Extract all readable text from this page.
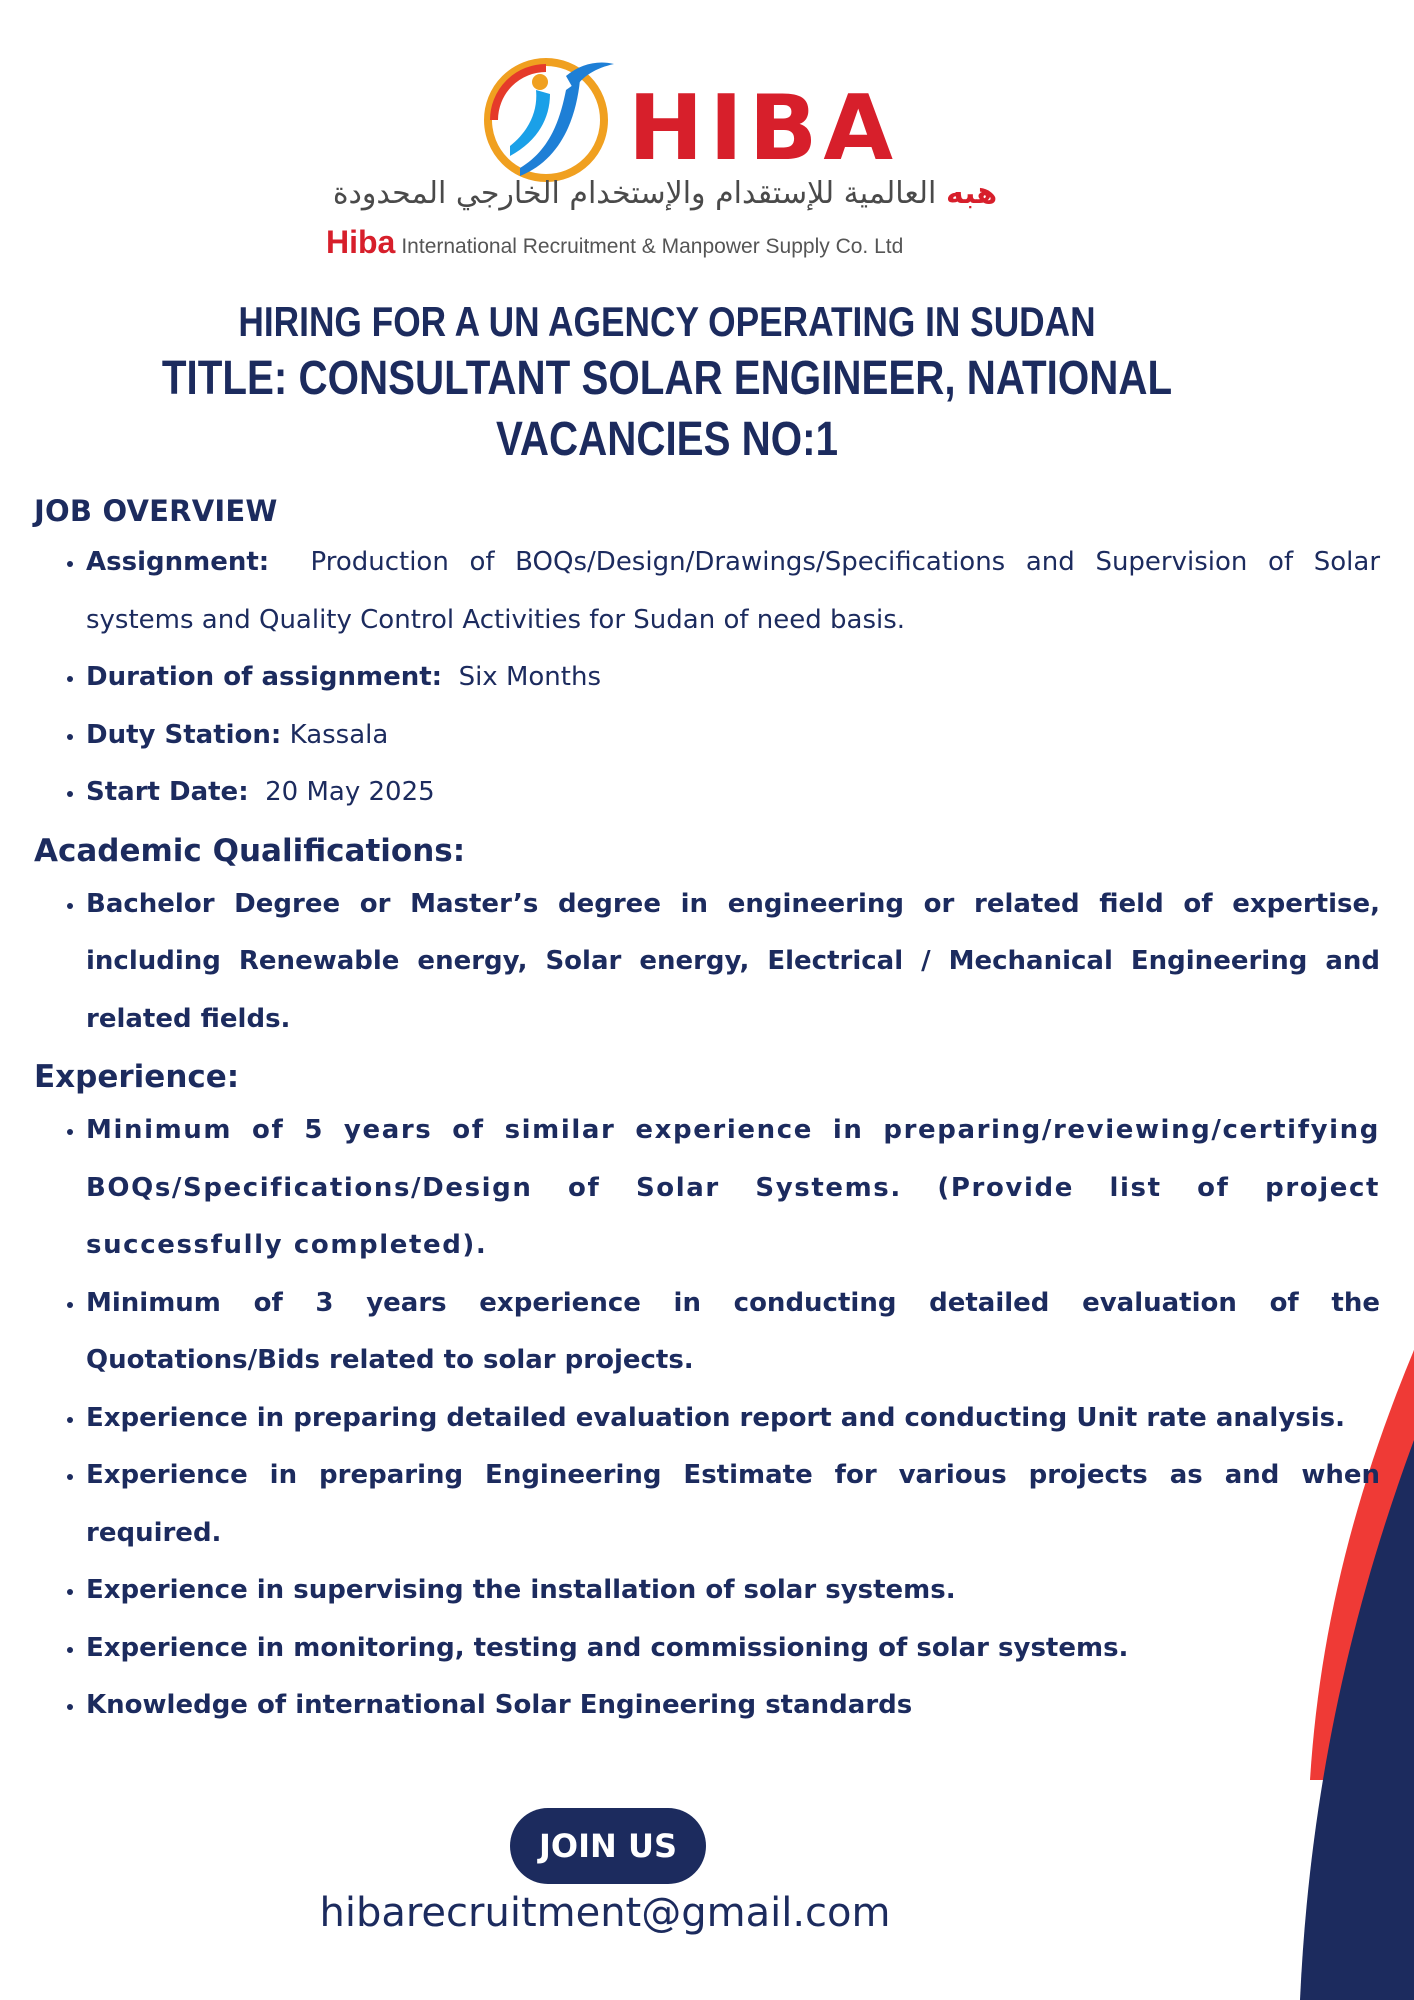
HIBA
هبه العالمية للإستقدام والإستخدام الخارجي المحدودة
Hiba International Recruitment & Manpower Supply Co. Ltd
HIRING FOR A UN AGENCY OPERATING IN SUDAN
TITLE: CONSULTANT SOLAR ENGINEER, NATIONAL
VACANCIES NO:1
JOB OVERVIEW
• Assignment: Production of BOQs/Design/Drawings/Specifications and Supervision of Solar systems and Quality Control Activities for Sudan of need basis.
• Duration of assignment: Six Months
• Duty Station: Kassala
• Start Date: 20 May 2025
Academic Qualifications:
• Bachelor Degree or Master’s degree in engineering or related field of expertise, including Renewable energy, Solar energy, Electrical / Mechanical Engineering and related fields.
Experience:
• Minimum of 5 years of similar experience in preparing/reviewing/certifying BOQs/Specifications/Design of Solar Systems. (Provide list of project successfully completed).
• Minimum of 3 years experience in conducting detailed evaluation of the Quotations/Bids related to solar projects.
• Experience in preparing detailed evaluation report and conducting Unit rate analysis.
• Experience in preparing Engineering Estimate for various projects as and when required.
• Experience in supervising the installation of solar systems.
• Experience in monitoring, testing and commissioning of solar systems.
• Knowledge of international Solar Engineering standards
JOIN US
hibarecruitment@gmail.com
